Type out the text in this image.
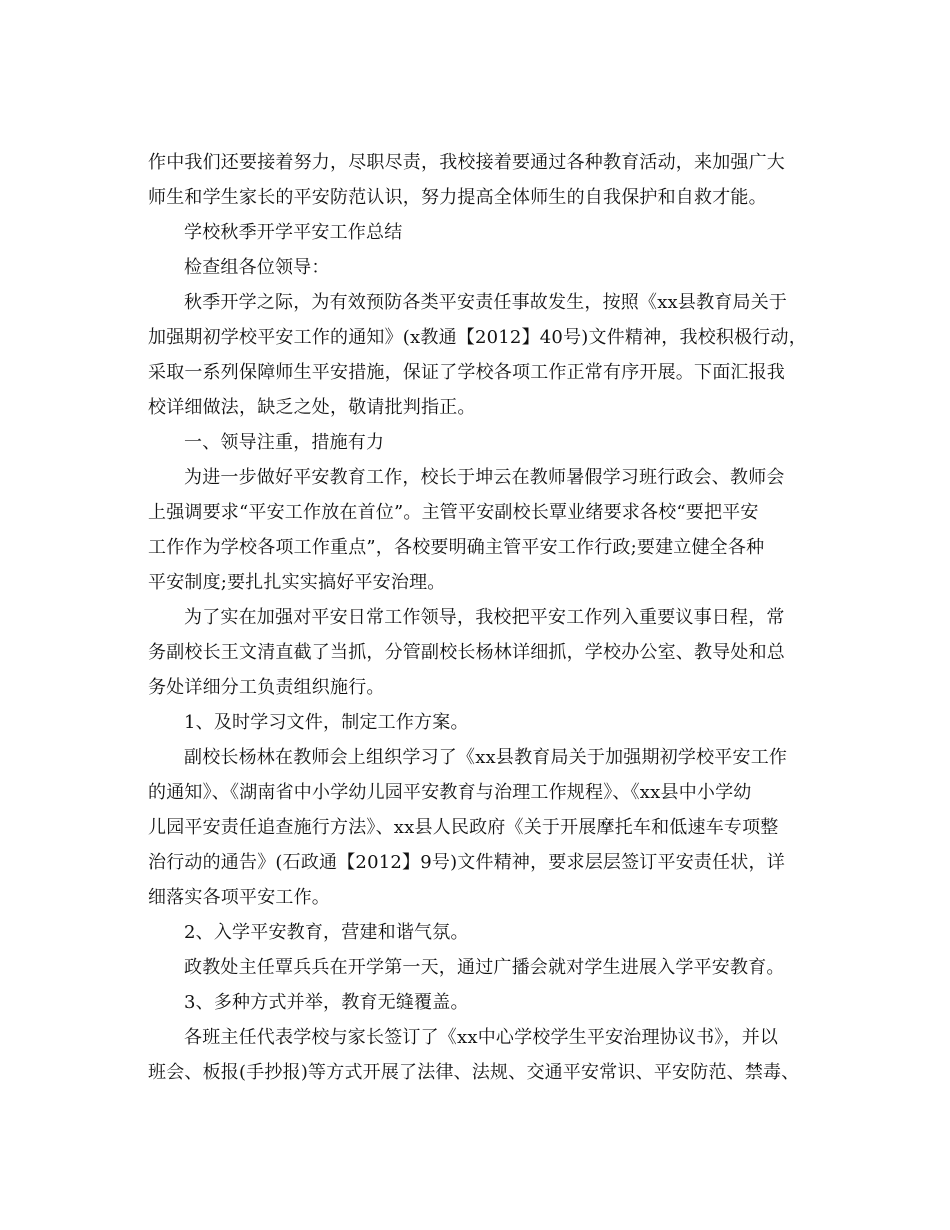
作中我们还要接着努力，尽职尽责，我校接着要通过各种教育活动，来加强广大
师生和学生家长的平安防范认识，努力提高全体师生的自我保护和自救才能。
学校秋季开学平安工作总结
检查组各位领导：
秋季开学之际，为有效预防各类平安责任事故发生，按照《xx县教育局关于
加强期初学校平安工作的通知》(x教通【2012】40号)文件精神，我校积极行动，
采取一系列保障师生平安措施，保证了学校各项工作正常有序开展。下面汇报我
校详细做法，缺乏之处，敬请批判指正。
一、领导注重，措施有力
为进一步做好平安教育工作，校长于坤云在教师暑假学习班行政会、教师会
上强调要求“平安工作放在首位”。主管平安副校长覃业绪要求各校“要把平安
工作作为学校各项工作重点”，各校要明确主管平安工作行政;要建立健全各种
平安制度;要扎扎实实搞好平安治理。
为了实在加强对平安日常工作领导，我校把平安工作列入重要议事日程，常
务副校长王文清直截了当抓，分管副校长杨林详细抓，学校办公室、教导处和总
务处详细分工负责组织施行。
1、及时学习文件，制定工作方案。
副校长杨林在教师会上组织学习了《xx县教育局关于加强期初学校平安工作
的通知》、《湖南省中小学幼儿园平安教育与治理工作规程》、《xx县中小学幼
儿园平安责任追查施行方法》、xx县人民政府《关于开展摩托车和低速车专项整
治行动的通告》(石政通【2012】9号)文件精神，要求层层签订平安责任状，详
细落实各项平安工作。
2、入学平安教育，营建和谐气氛。
政教处主任覃兵兵在开学第一天，通过广播会就对学生进展入学平安教育。
3、多种方式并举，教育无缝覆盖。
各班主任代表学校与家长签订了《xx中心学校学生平安治理协议书》，并以
班会、板报(手抄报)等方式开展了法律、法规、交通平安常识、平安防范、禁毒、
